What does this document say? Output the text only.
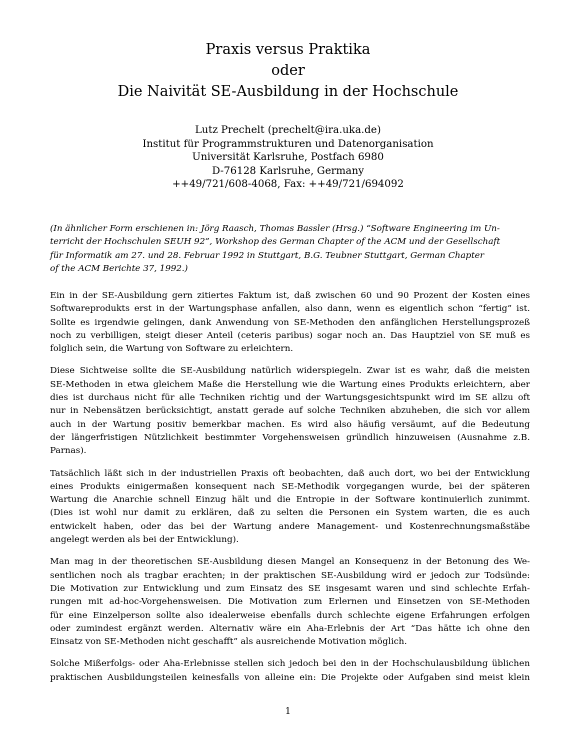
Praxis versus Praktika
oder
Die Naivität SE-Ausbildung in der Hochschule
Lutz Prechelt (prechelt@ira.uka.de)
Institut für Programmstrukturen und Datenorganisation
Universität Karlsruhe, Postfach 6980
D-76128 Karlsruhe, Germany
++49/721/608-4068, Fax: ++49/721/694092
(In ähnlicher Form erschienen in: Jörg Raasch, Thomas Bassler (Hrsg.) “Software Engineering im Un-
terricht der Hochschulen SEUH 92”, Workshop des German Chapter of the ACM und der Gesellschaft
für Informatik am 27. und 28. Februar 1992 in Stuttgart, B.G. Teubner Stuttgart, German Chapter
of the ACM Berichte 37, 1992.)
Ein in der SE-Ausbildung gern zitiertes Faktum ist, daß zwischen 60 und 90 Prozent der Kosten eines
Softwareprodukts erst in der Wartungsphase anfallen, also dann, wenn es eigentlich schon “fertig” ist.
Sollte es irgendwie gelingen, dank Anwendung von SE-Methoden den anfänglichen Herstellungsprozeß
noch zu verbilligen, steigt dieser Anteil (ceteris paribus) sogar noch an. Das Hauptziel von SE muß es
folglich sein, die Wartung von Software zu erleichtern.
Diese Sichtweise sollte die SE-Ausbildung natürlich widerspiegeln. Zwar ist es wahr, daß die meisten
SE-Methoden in etwa gleichem Maße die Herstellung wie die Wartung eines Produkts erleichtern, aber
dies ist durchaus nicht für alle Techniken richtig und der Wartungsgesichtspunkt wird im SE allzu oft
nur in Nebensätzen berücksichtigt, anstatt gerade auf solche Techniken abzuheben, die sich vor allem
auch in der Wartung positiv bemerkbar machen. Es wird also häufig versäumt, auf die Bedeutung
der längerfristigen Nützlichkeit bestimmter Vorgehensweisen gründlich hinzuweisen (Ausnahme z.B.
Parnas).
Tatsächlich läßt sich in der industriellen Praxis oft beobachten, daß auch dort, wo bei der Entwicklung
eines Produkts einigermaßen konsequent nach SE-Methodik vorgegangen wurde, bei der späteren
Wartung die Anarchie schnell Einzug hält und die Entropie in der Software kontinuierlich zunimmt.
(Dies ist wohl nur damit zu erklären, daß zu selten die Personen ein System warten, die es auch
entwickelt haben, oder das bei der Wartung andere Management- und Kostenrechnungsmaßstäbe
angelegt werden als bei der Entwicklung).
Man mag in der theoretischen SE-Ausbildung diesen Mangel an Konsequenz in der Betonung des We-
sentlichen noch als tragbar erachten; in der praktischen SE-Ausbildung wird er jedoch zur Todsünde:
Die Motivation zur Entwicklung und zum Einsatz des SE insgesamt waren und sind schlechte Erfah-
rungen mit ad-hoc-Vorgehensweisen. Die Motivation zum Erlernen und Einsetzen von SE-Methoden
für eine Einzelperson sollte also idealerweise ebenfalls durch schlechte eigene Erfahrungen erfolgen
oder zumindest ergänzt werden. Alternativ wäre ein Aha-Erlebnis der Art “Das hätte ich ohne den
Einsatz von SE-Methoden nicht geschafft” als ausreichende Motivation möglich.
Solche Mißerfolgs- oder Aha-Erlebnisse stellen sich jedoch bei den in der Hochschulausbildung üblichen
praktischen Ausbildungsteilen keinesfalls von alleine ein: Die Projekte oder Aufgaben sind meist klein
1
